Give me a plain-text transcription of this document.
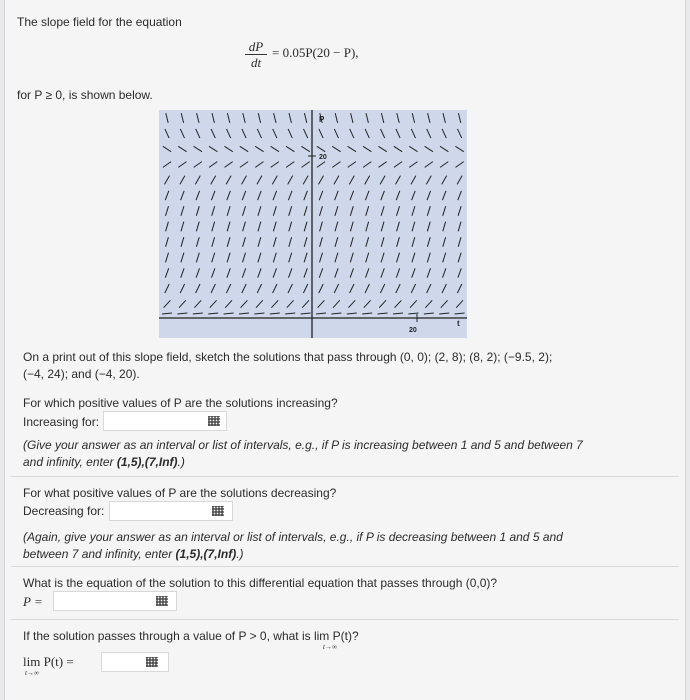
The slope field for the equation
dP
dt
= 0.05P(20 − P),
for P ≥ 0, is shown below.
P
20
t
20
On a print out of this slope field, sketch the solutions that pass through (0, 0); (2, 8); (8, 2); (−9.5, 2);
(−4, 24); and (−4, 20).
For which positive values of P are the solutions increasing?
Increasing for:
(Give your answer as an interval or list of intervals, e.g., if P is increasing between 1 and 5 and between 7
and infinity, enter (1,5),(7,Inf).)
For what positive values of P are the solutions decreasing?
Decreasing for:
(Again, give your answer as an interval or list of intervals, e.g., if P is decreasing between 1 and 5 and
between 7 and infinity, enter (1,5),(7,Inf).)
What is the equation of the solution to this differential equation that passes through (0,0)?
P =
If the solution passes through a value of P > 0, what is lim P(t)?
t→∞
lim P(t) =
t→∞
